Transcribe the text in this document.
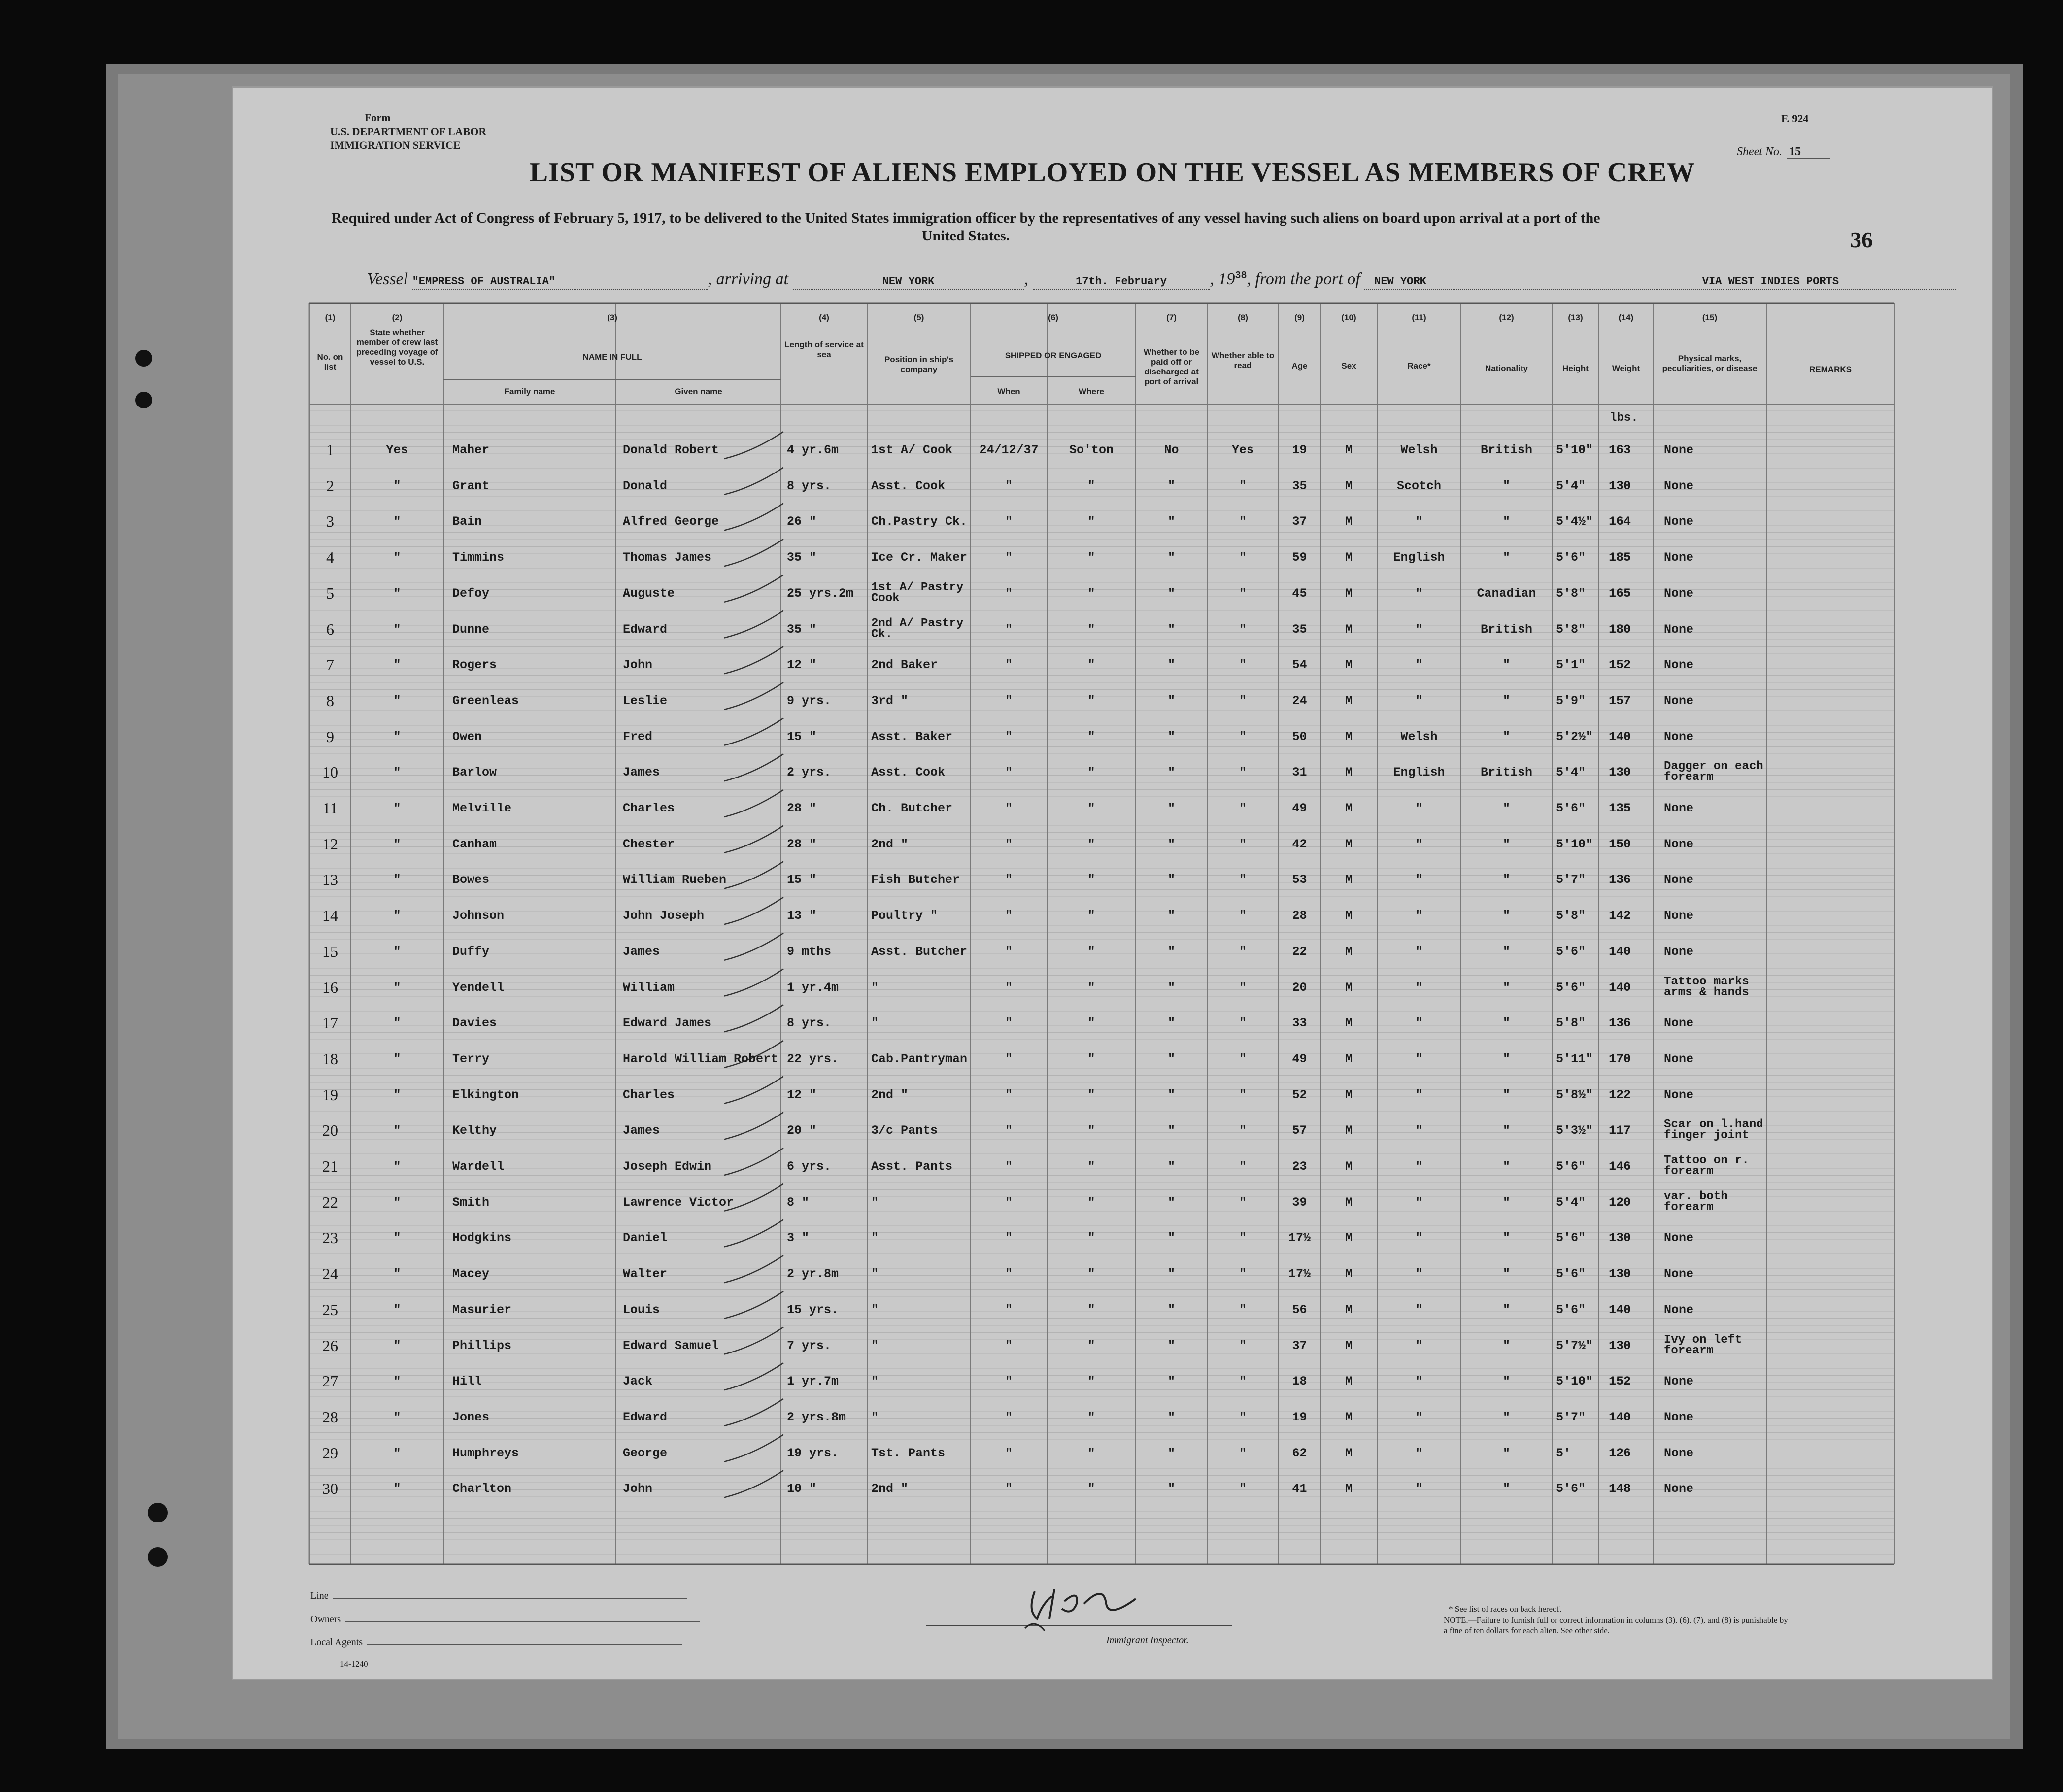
Form
U.S. DEPARTMENT OF LABOR
IMMIGRATION SERVICE
F. 924
Sheet No. 15
LIST OR MANIFEST OF ALIENS EMPLOYED ON THE VESSEL AS MEMBERS OF CREW
Required under Act of Congress of February 5, 1917, to be delivered to the United States immigration officer by the representatives of any vessel having such aliens on board upon arrival at a port of the United States.	36
Vessel "EMPRESS OF AUSTRALIA"	, arriving at	NEW YORK	,	17th. February	, $19^{38}$, from the port of NEW YORK	VIA WEST INDIES PORTS
(1)	(2)	(3)	(4)	(5)	(6)	(7)	(8)	(9)	(10)	(11)	(12)	(13)	(14)	(15)
No. on list
State whether member of crew last preceding voyage of vessel to U.S.
NAME IN FULL
Family name	Given name
Length of service at sea
Position in ship's company
SHIPPED OR ENGAGED
When	Where
Whether to be paid off or discharged at port of arrival
Whether able to read	Age	Sex	Race*	Nationality	Height	Weight
Physical marks, peculiarities, or disease	REMARKS
lbs.
1	Yes	Maher	Donald Robert	4 yr.6m	1st A/ Cook	24/12/37	So'ton	No	Yes	19	M	Welsh	British	5'10" 163	None
2	"	Grant	Donald	8 yrs.	Asst. Cook	"	"	"	"	35	M	Scotch	"	5'4" 130	None
3	"	Bain	Alfred George	26 "	Ch.Pastry Ck.	"	"	"	"	37	M	"	"	5'4½" 164	None
4	"	Timmins	Thomas James	35 "	Ice Cr. Maker	"	"	"	"	59	M	English	"	5'6" 185	None
5	"	Defoy	Auguste	25 yrs.2m 1st A/ Pastry Cook	"	"	"	"	45	M	"	Canadian	5'8" 165	None
6	"	Dunne	Edward	35 "	2nd A/ Pastry Ck.	"	"	"	"	35	M	"	British	5'8" 180	None
7	"	Rogers	John	12 "	2nd Baker	"	"	"	"	54	M	"	"	5'1" 152	None
8	"	Greenleas	Leslie	9 yrs.	3rd "	"	"	"	"	24	M	"	"	5'9" 157	None
9	"	Owen	Fred	15 "	Asst. Baker	"	"	"	"	50	M	Welsh	"	5'2½" 140	None
10	"	Barlow	James	2 yrs.	Asst. Cook	"	"	"	"	31	M	English	British	5'4" 130	Dagger on each forearm
11	"	Melville	Charles	28 "	Ch. Butcher	"	"	"	"	49	M	"	"	5'6" 135	None
12	"	Canham	Chester	28 "	2nd "	"	"	"	"	42	M	"	"	5'10" 150	None
13	"	Bowes	William Rueben	15 "	Fish Butcher	"	"	"	"	53	M	"	"	5'7" 136	None
14	"	Johnson	John Joseph	13 "	Poultry "	"	"	"	"	28	M	"	"	5'8" 142	None
15	"	Duffy	James	9 mths	Asst. Butcher	"	"	"	"	22	M	"	"	5'6" 140	None
16	"	Yendell	William	1 yr.4m	"	"	"	"	"	20	M	"	"	5'6" 140	Tattoo marks arms & hands
17	"	Davies	Edward James	8 yrs.	"	"	"	"	"	33	M	"	"	5'8" 136	None
18	"	Terry	Harold William Robert 22 yrs.	Cab.Pantryman	"	"	"	"	49	M	"	"	5'11" 170	None
19	"	Elkington	Charles	12 "	2nd "	"	"	"	"	52	M	"	"	5'8½" 122	None
20	"	Kelthy	James	20 "	3/c Pants	"	"	"	"	57	M	"	"	5'3½" 117	Scar on l.hand finger joint
21	"	Wardell	Joseph Edwin	6 yrs.	Asst. Pants	"	"	"	"	23	M	"	"	5'6" 146	Tattoo on r. forearm
22	"	Smith	Lawrence Victor	8 "	"	"	"	"	"	39	M	"	"	5'4" 120	var. both forearm
23	"	Hodgkins	Daniel	3 "	"	"	"	"	"	17½	M	"	"	5'6" 130	None
24	"	Macey	Walter	2 yr.8m	"	"	"	"	"	17½	M	"	"	5'6" 130	None
25	"	Masurier	Louis	15 yrs.	"	"	"	"	"	56	M	"	"	5'6" 140	None
26	"	Phillips	Edward Samuel	7 yrs.	"	"	"	"	"	37	M	"	"	5'7½" 130	Ivy on left forearm
27	"	Hill	Jack	1 yr.7m	"	"	"	"	"	18	M	"	"	5'10" 152	None
28	"	Jones	Edward	2 yrs.8m "	"	"	"	"	19	M	"	"	5'7" 140	None
29	"	Humphreys	George	19 yrs.	Tst. Pants	"	"	"	"	62	M	"	"	5'	126	None
30	"	Charlton	John	10 "	2nd "	"	"	"	"	41	M	"	"	5'6" 148	None
Line
Owners
Local Agents
14-1240
Immigrant Inspector.
* See list of races on back hereof.
NOTE.—Failure to furnish full or correct information in columns (3), (6), (7), and (8) is punishable by a fine of ten dollars for each alien. See other side.
